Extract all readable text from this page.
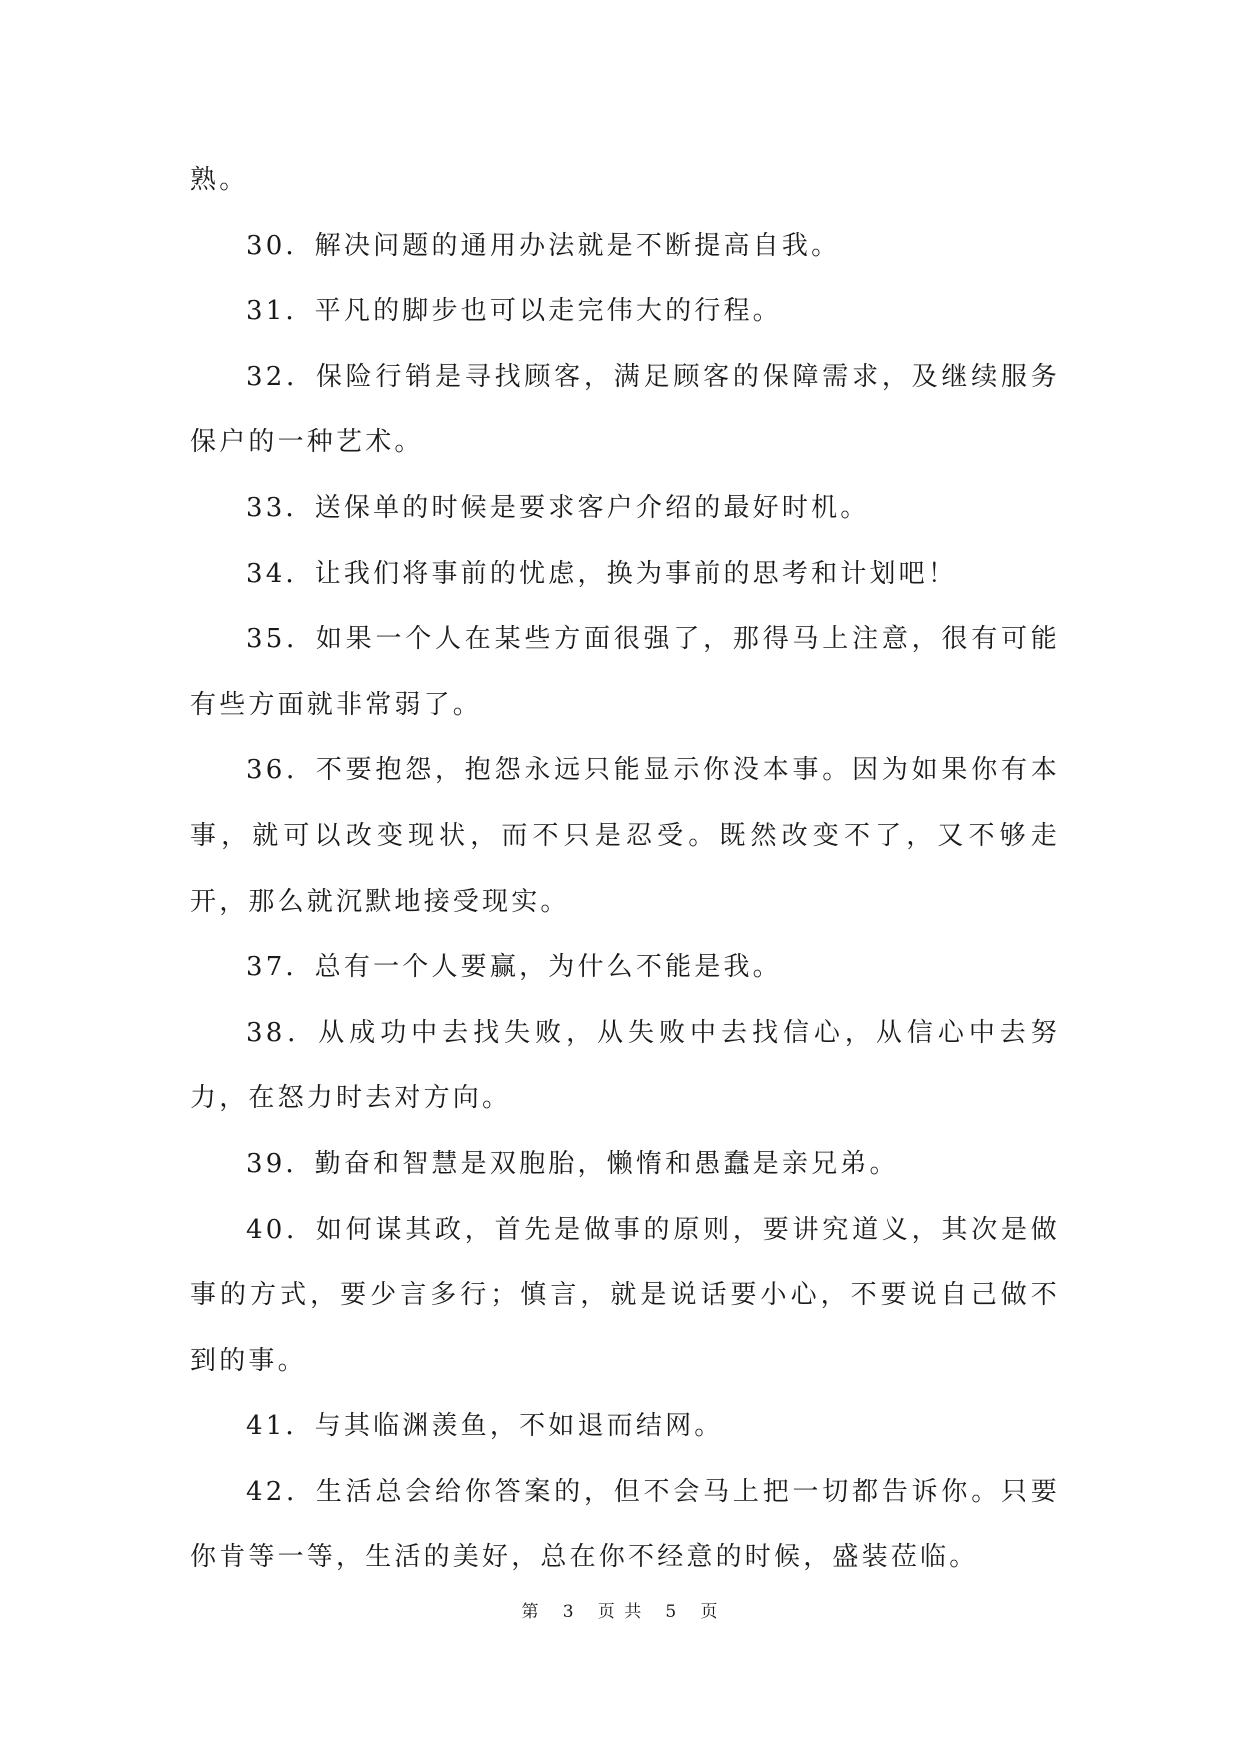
熟。

30．解决问题的通用办法就是不断提高自我。

31．平凡的脚步也可以走完伟大的行程。

32．保险行销是寻找顾客，满足顾客的保障需求，及继续服务保户的一种艺术。

33．送保单的时候是要求客户介绍的最好时机。

34．让我们将事前的忧虑，换为事前的思考和计划吧！

35．如果一个人在某些方面很强了，那得马上注意，很有可能有些方面就非常弱了。

36．不要抱怨，抱怨永远只能显示你没本事。因为如果你有本事，就可以改变现状，而不只是忍受。既然改变不了，又不够走开，那么就沉默地接受现实。

37．总有一个人要赢，为什么不能是我。

38．从成功中去找失败，从失败中去找信心，从信心中去努力，在怒力时去对方向。

39．勤奋和智慧是双胞胎，懒惰和愚蠢是亲兄弟。

40．如何谋其政，首先是做事的原则，要讲究道义，其次是做事的方式，要少言多行；慎言，就是说话要小心，不要说自己做不到的事。

41．与其临渊羡鱼，不如退而结网。

42．生活总会给你答案的，但不会马上把一切都告诉你。只要你肯等一等，生活的美好，总在你不经意的时候，盛装莅临。

第 3 页 共 5 页
